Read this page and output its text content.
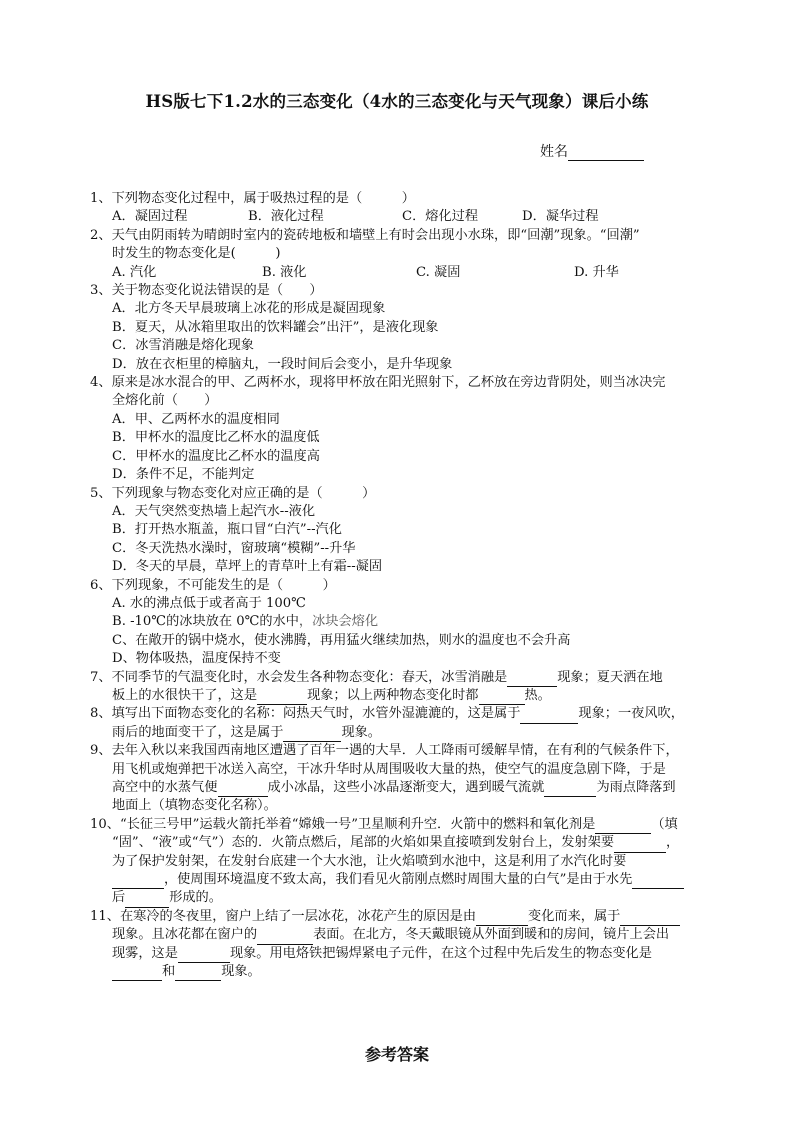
HS版七下1.2水的三态变化（4水的三态变化与天气现象）课后小练
姓名
1、下列物态变化过程中，属于吸热过程的是（　　　）
A．凝固过程	B．液化过程	C．熔化过程	D．凝华过程
2、天气由阴雨转为晴朗时室内的瓷砖地板和墙壁上有时会出现小水珠，即“回潮”现象。“回潮”
时发生的物态变化是(　　　)
A. 汽化	B. 液化	C. 凝固	D. 升华
3、关于物态变化说法错误的是（　　）
A．北方冬天早晨玻璃上冰花的形成是凝固现象
B．夏天，从冰箱里取出的饮料罐会”出汗”，是液化现象
C．冰雪消融是熔化现象
D．放在衣柜里的樟脑丸，一段时间后会变小，是升华现象
4、原来是冰水混合的甲、乙两杯水，现将甲杯放在阳光照射下，乙杯放在旁边背阴处，则当冰决完
全熔化前（　　）
A．甲、乙两杯水的温度相同
B．甲杯水的温度比乙杯水的温度低
C．甲杯水的温度比乙杯水的温度高
D．条件不足，不能判定
5、下列现象与物态变化对应正确的是（　　　）
A．天气突然变热墙上起汽水--液化
B．打开热水瓶盖，瓶口冒“白汽”--汽化
C．冬天洗热水澡时，窗玻璃“模糊”--升华
D．冬天的早晨，草坪上的青草叶上有霜--凝固
6、下列现象，不可能发生的是（　　　）
A. 水的沸点低于或者高于 100℃
B. -10℃的冰块放在 0℃的水中，冰块会熔化
C、在敞开的锅中烧水，使水沸腾，再用猛火继续加热，则水的温度也不会升高
D、物体吸热，温度保持不变
7、不同季节的气温变化时，水会发生各种物态变化：春天，冰雪消融是	现象；夏天洒在地
板上的水很快干了，这是	现象；以上两种物态变化时都	热。
8、填写出下面物态变化的名称：闷热天气时，水管外湿漉漉的，这是属于	现象；一夜风吹，
雨后的地面变干了，这是属于	现象。
9、去年入秋以来我国西南地区遭遇了百年一遇的大旱．人工降雨可缓解旱情，在有利的气候条件下，
用飞机或炮弹把干冰送入高空，干冰升华时从周围吸收大量的热，使空气的温度急剧下降，于是
高空中的水蒸气便	成小冰晶，这些小冰晶逐渐变大，遇到暖气流就	为雨点降落到
地面上（填物态变化名称）。
10、“长征三号甲”运载火箭托举着“嫦娥一号”卫星顺利升空．火箭中的燃料和氧化剂是	（填
“固”、“液”或“气”）态的．火箭点燃后，尾部的火焰如果直接喷到发射台上，发射架要	，
为了保护发射架，在发射台底建一个大水池，让火焰喷到水池中，这是利用了水汽化时要
，使周围环境温度不致太高，我们看见火箭刚点燃时周围大量的白气”是由于水先
后	形成的。
11、在寒冷的冬夜里，窗户上结了一层冰花，冰花产生的原因是由	变化而来，属于
现象。且冰花都在窗户的	表面。在北方，冬天戴眼镜从外面到暖和的房间，镜片上会出
现雾，这是	现象。用电烙铁把锡焊紧电子元件，在这个过程中先后发生的物态变化是
和	现象。
参考答案
